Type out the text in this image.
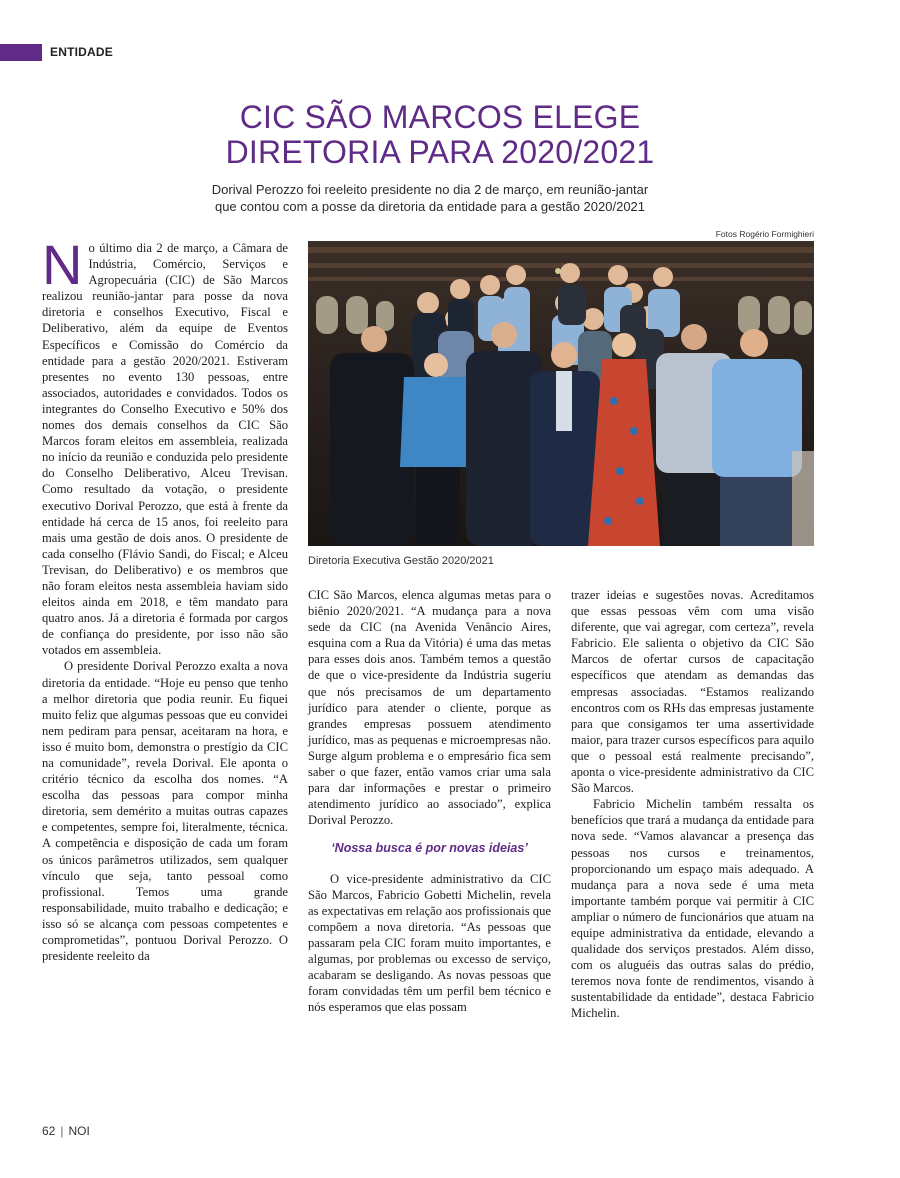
ENTIDADE
CIC SÃO MARCOS ELEGE
DIRETORIA PARA 2020/2021
Dorival Perozzo foi reeleito presidente no dia 2 de março, em reunião-jantar
que contou com a posse da diretoria da entidade para a gestão 2020/2021
Fotos Rogério Formighieri
Diretoria Executiva Gestão 2020/2021

No último dia 2 de março, a Câmara de Indústria, Comércio, Serviços e Agropecuária (CIC) de São Marcos realizou reunião-jantar para posse da nova diretoria e conselhos Executivo, Fiscal e Deliberativo, além da equipe de Eventos Específicos e Comissão do Comércio da entidade para a gestão 2020/2021. Estiveram presentes no evento 130 pessoas, entre associados, autoridades e convidados. Todos os integrantes do Conselho Executivo e 50% dos nomes dos demais conselhos da CIC São Marcos foram eleitos em assembleia, realizada no início da reunião e conduzida pelo presidente do Conselho Deliberativo, Alceu Trevisan. Como resultado da votação, o presidente executivo Dorival Perozzo, que está à frente da entidade há cerca de 15 anos, foi reeleito para mais uma gestão de dois anos. O presidente de cada conselho (Flávio Sandi, do Fiscal; e Alceu Trevisan, do Deliberativo) e os membros que não foram eleitos nesta assembleia haviam sido eleitos ainda em 2018, e têm mandato para quatro anos. Já a diretoria é formada por cargos de confiança do presidente, por isso não são votados em assembleia.

O presidente Dorival Perozzo exalta a nova diretoria da entidade. “Hoje eu penso que tenho a melhor diretoria que podia reunir. Eu fiquei muito feliz que algumas pessoas que eu convidei nem pediram para pensar, aceitaram na hora, e isso é muito bom, demonstra o prestígio da CIC na comunidade”, revela Dorival. Ele aponta o critério técnico da escolha dos nomes. “A escolha das pessoas para compor minha diretoria, sem demérito a muitas outras capazes e competentes, sempre foi, literalmente, técnica. A competência e disposição de cada um foram os únicos parâmetros utilizados, sem qualquer vínculo que seja, tanto pessoal como profissional. Temos uma grande responsabilidade, muito trabalho e dedicação; e isso só se alcança com pessoas competentes e comprometidas”, pontuou Dorival Perozzo. O presidente reeleito da

CIC São Marcos, elenca algumas metas para o biênio 2020/2021. “A mudança para a nova sede da CIC (na Avenida Venâncio Aires, esquina com a Rua da Vitória) é uma das metas para esses dois anos. Também temos a questão de que o vice-presidente da Indústria sugeriu que nós precisamos de um departamento jurídico para atender o cliente, porque as grandes empresas possuem atendimento jurídico, mas as pequenas e microempresas não. Surge algum problema e o empresário fica sem saber o que fazer, então vamos criar uma sala para dar informações e prestar o primeiro atendimento jurídico ao associado”, explica Dorival Perozzo.

‘Nossa busca é por novas ideias’

O vice-presidente administrativo da CIC São Marcos, Fabricio Gobetti Michelin, revela as expectativas em relação aos profissionais que compõem a nova diretoria. “As pessoas que passaram pela CIC foram muito importantes, e algumas, por problemas ou excesso de serviço, acabaram se desligando. As novas pessoas que foram convidadas têm um perfil bem técnico e nós esperamos que elas possam

trazer ideias e sugestões novas. Acreditamos que essas pessoas vêm com uma visão diferente, que vai agregar, com certeza”, revela Fabricio. Ele salienta o objetivo da CIC São Marcos de ofertar cursos de capacitação específicos que atendam as demandas das empresas associadas. “Estamos realizando encontros com os RHs das empresas justamente para que consigamos ter uma assertividade maior, para trazer cursos específicos para aquilo que o pessoal está realmente precisando”, aponta o vice-presidente administrativo da CIC São Marcos.

Fabricio Michelin também ressalta os benefícios que trará a mudança da entidade para nova sede. “Vamos alavancar a presença das pessoas nos cursos e treinamentos, proporcionando um espaço mais adequado. A mudança para a nova sede é uma meta importante também porque vai permitir à CIC ampliar o número de funcionários que atuam na equipe administrativa da entidade, elevando a qualidade dos serviços prestados. Além disso, com os aluguéis das outras salas do prédio, teremos nova fonte de rendimentos, visando à sustentabilidade da entidade”, destaca Fabricio Michelin.

62 | NOI
